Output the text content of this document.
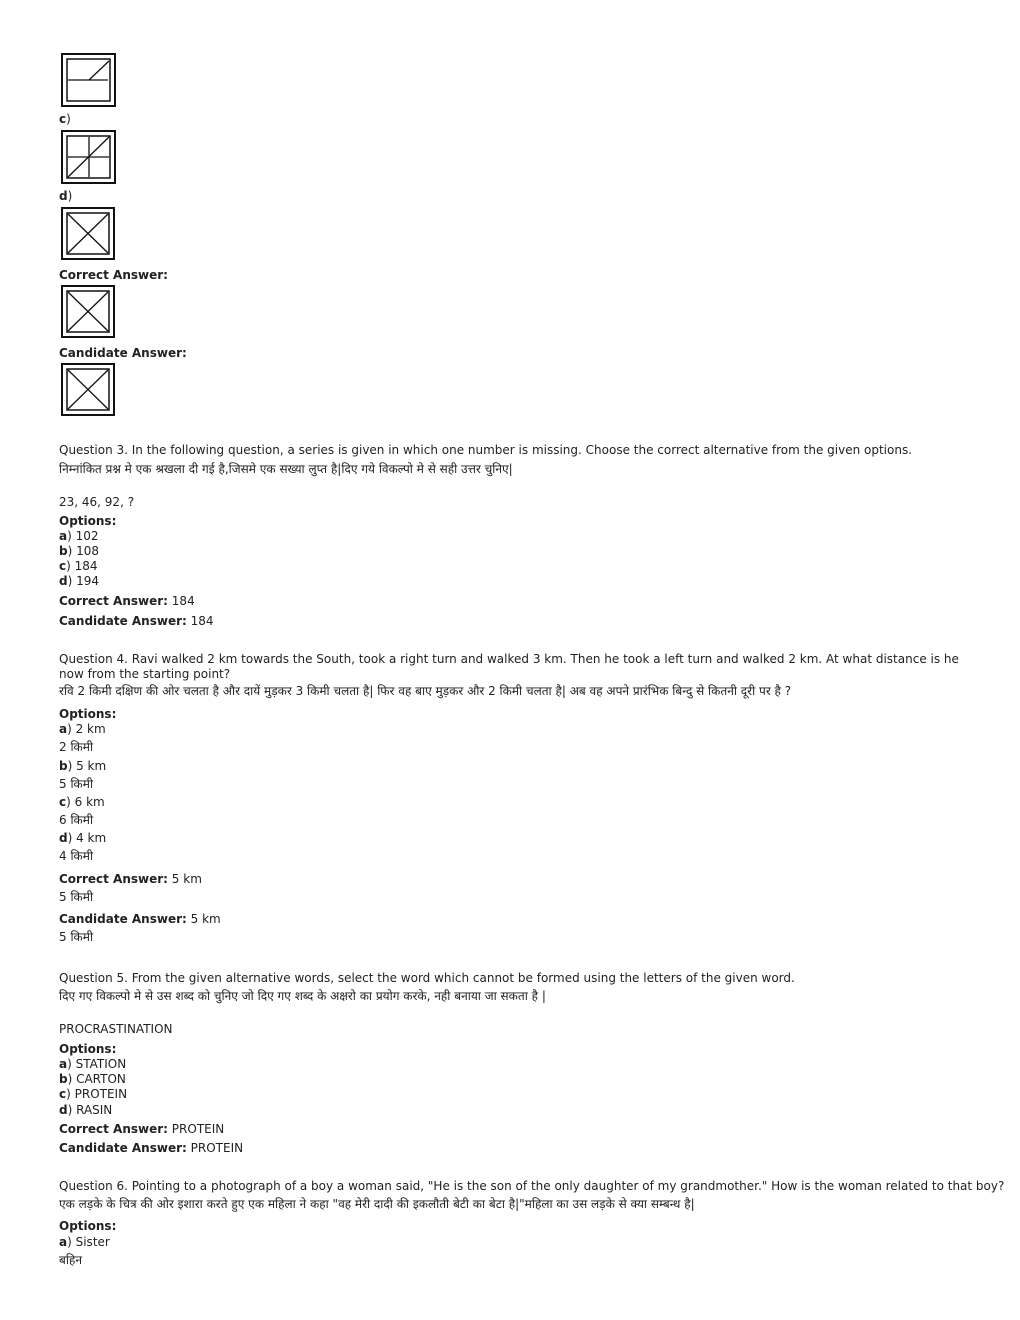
c)
d)
Correct Answer:
Candidate Answer:
Question 3. In the following question, a series is given in which one number is missing. Choose the correct alternative from the given options.
निम्नांकित प्रश्न मे एक श्रखला दी गई है,जिसमे एक सख्या लुप्त है|दिए गये विकल्पो मे से सही उत्तर चुनिए|
23, 46, 92, ?
Options:
a) 102
b) 108
c) 184
d) 194
Correct Answer: 184
Candidate Answer: 184
Question 4. Ravi walked 2 km towards the South, took a right turn and walked 3 km. Then he took a left turn and walked 2 km. At what distance is he now from the starting point?
रवि 2 किमी दक्षिण की ओर चलता है और दायें मुड़कर 3 किमी चलता है| फिर वह बाए मुड़कर और 2 किमी चलता है| अब वह अपने प्रारंभिक बिन्दु से कितनी दूरी पर है ?
Options:
a) 2 km
2 किमी
b) 5 km
5 किमी
c) 6 km
6 किमी
d) 4 km
4 किमी
Correct Answer: 5 km
5 किमी
Candidate Answer: 5 km
5 किमी
Question 5. From the given alternative words, select the word which cannot be formed using the letters of the given word.
दिए गए विकल्पो मे से उस शब्द को चुनिए जो दिए गए शब्द के अक्षरो का प्रयोग करके, नही बनाया जा सकता है |
PROCRASTINATION
Options:
a) STATION
b) CARTON
c) PROTEIN
d) RASIN
Correct Answer: PROTEIN
Candidate Answer: PROTEIN
Question 6. Pointing to a photograph of a boy a woman said, "He is the son of the only daughter of my grandmother." How is the woman related to that boy?
एक लड़के के चित्र की ओर इशारा करते हुए एक महिला ने कहा "वह मेरी दादी की इकलौती बेटी का बेटा है|"महिला का उस लड़के से क्या सम्बन्ध है|
Options:
a) Sister
बहिन
